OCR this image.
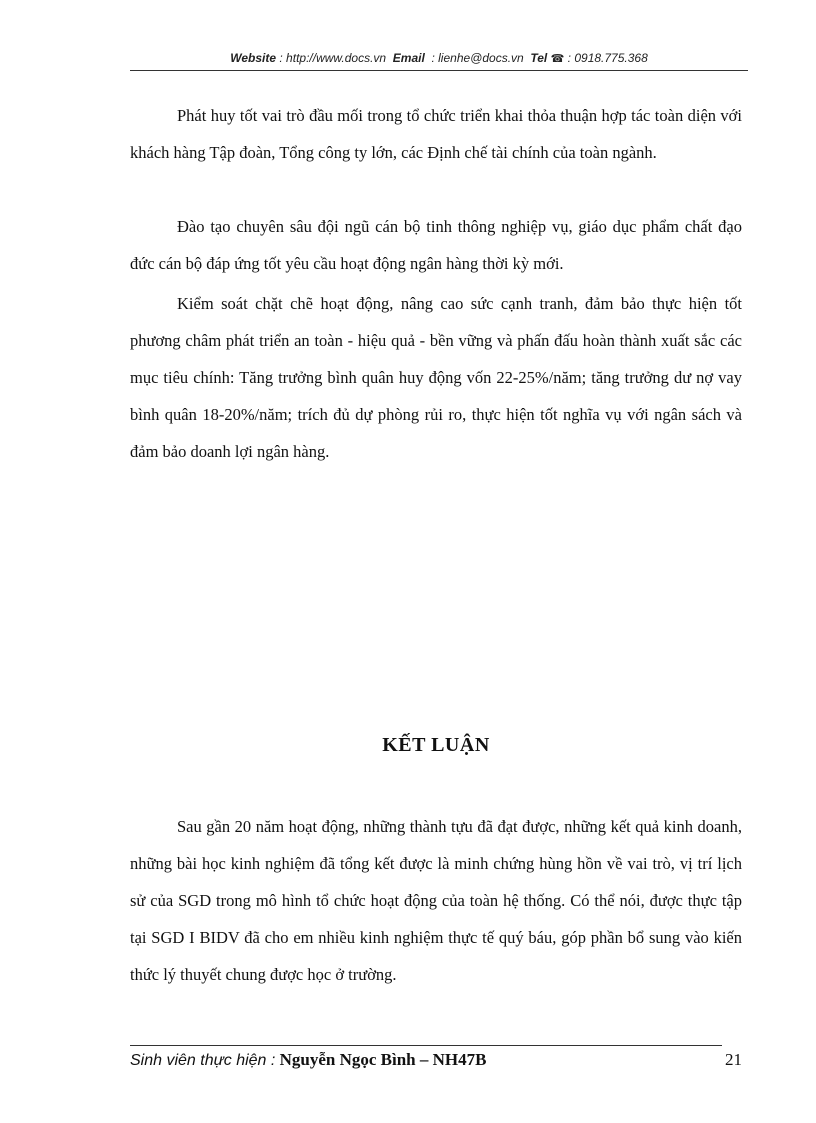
Website : http://www.docs.vn Email : lienhe@docs.vn Tel ☎ : 0918.775.368

Phát huy tốt vai trò đầu mối trong tổ chức triển khai thỏa thuận hợp tác toàn diện với khách hàng Tập đoàn, Tổng công ty lớn, các Định chế tài chính của toàn ngành.

Đào tạo chuyên sâu đội ngũ cán bộ tinh thông nghiệp vụ, giáo dục phẩm chất đạo đức cán bộ đáp ứng tốt yêu cầu hoạt động ngân hàng thời kỳ mới.

Kiểm soát chặt chẽ hoạt động, nâng cao sức cạnh tranh, đảm bảo thực hiện tốt phương châm phát triển an toàn - hiệu quả - bền vững và phấn đấu hoàn thành xuất sắc các mục tiêu chính: Tăng trưởng bình quân huy động vốn 22-25%/năm; tăng trưởng dư nợ vay bình quân 18-20%/năm; trích đủ dự phòng rủi ro, thực hiện tốt nghĩa vụ với ngân sách và đảm bảo doanh lợi ngân hàng.

KẾT LUẬN

Sau gần 20 năm hoạt động, những thành tựu đã đạt được, những kết quả kinh doanh, những bài học kinh nghiệm đã tổng kết được là minh chứng hùng hồn về vai trò, vị trí lịch sử của SGD trong mô hình tổ chức hoạt động của toàn hệ thống. Có thể nói, được thực tập tại SGD I BIDV đã cho em nhiều kinh nghiệm thực tế quý báu, góp phần bổ sung vào kiến thức lý thuyết chung được học ở trường.

Sinh viên thực hiện : Nguyễn Ngọc Bình – NH47B	21
